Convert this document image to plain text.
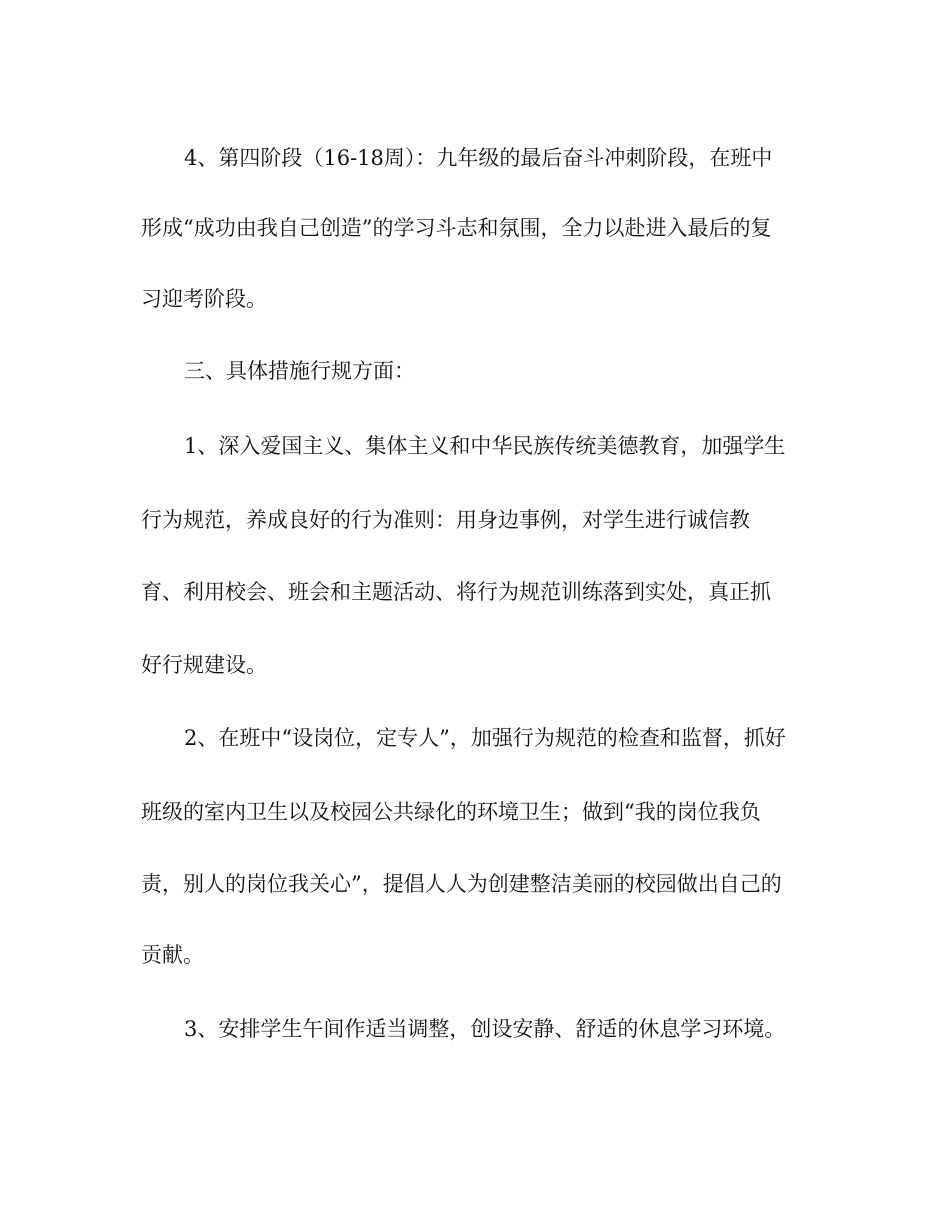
4、第四阶段（16-18周）：九年级的最后奋斗冲刺阶段，在班中
形成“成功由我自己创造”的学习斗志和氛围，全力以赴进入最后的复
习迎考阶段。
三、具体措施行规方面：
1、深入爱国主义、集体主义和中华民族传统美德教育，加强学生
行为规范，养成良好的行为准则：用身边事例，对学生进行诚信教
育、利用校会、班会和主题活动、将行为规范训练落到实处，真正抓
好行规建设。
2、在班中“设岗位，定专人”，加强行为规范的检查和监督，抓好
班级的室内卫生以及校园公共绿化的环境卫生；做到“我的岗位我负
责，别人的岗位我关心”，提倡人人为创建整洁美丽的校园做出自己的
贡献。
3、安排学生午间作适当调整，创设安静、舒适的休息学习环境。
